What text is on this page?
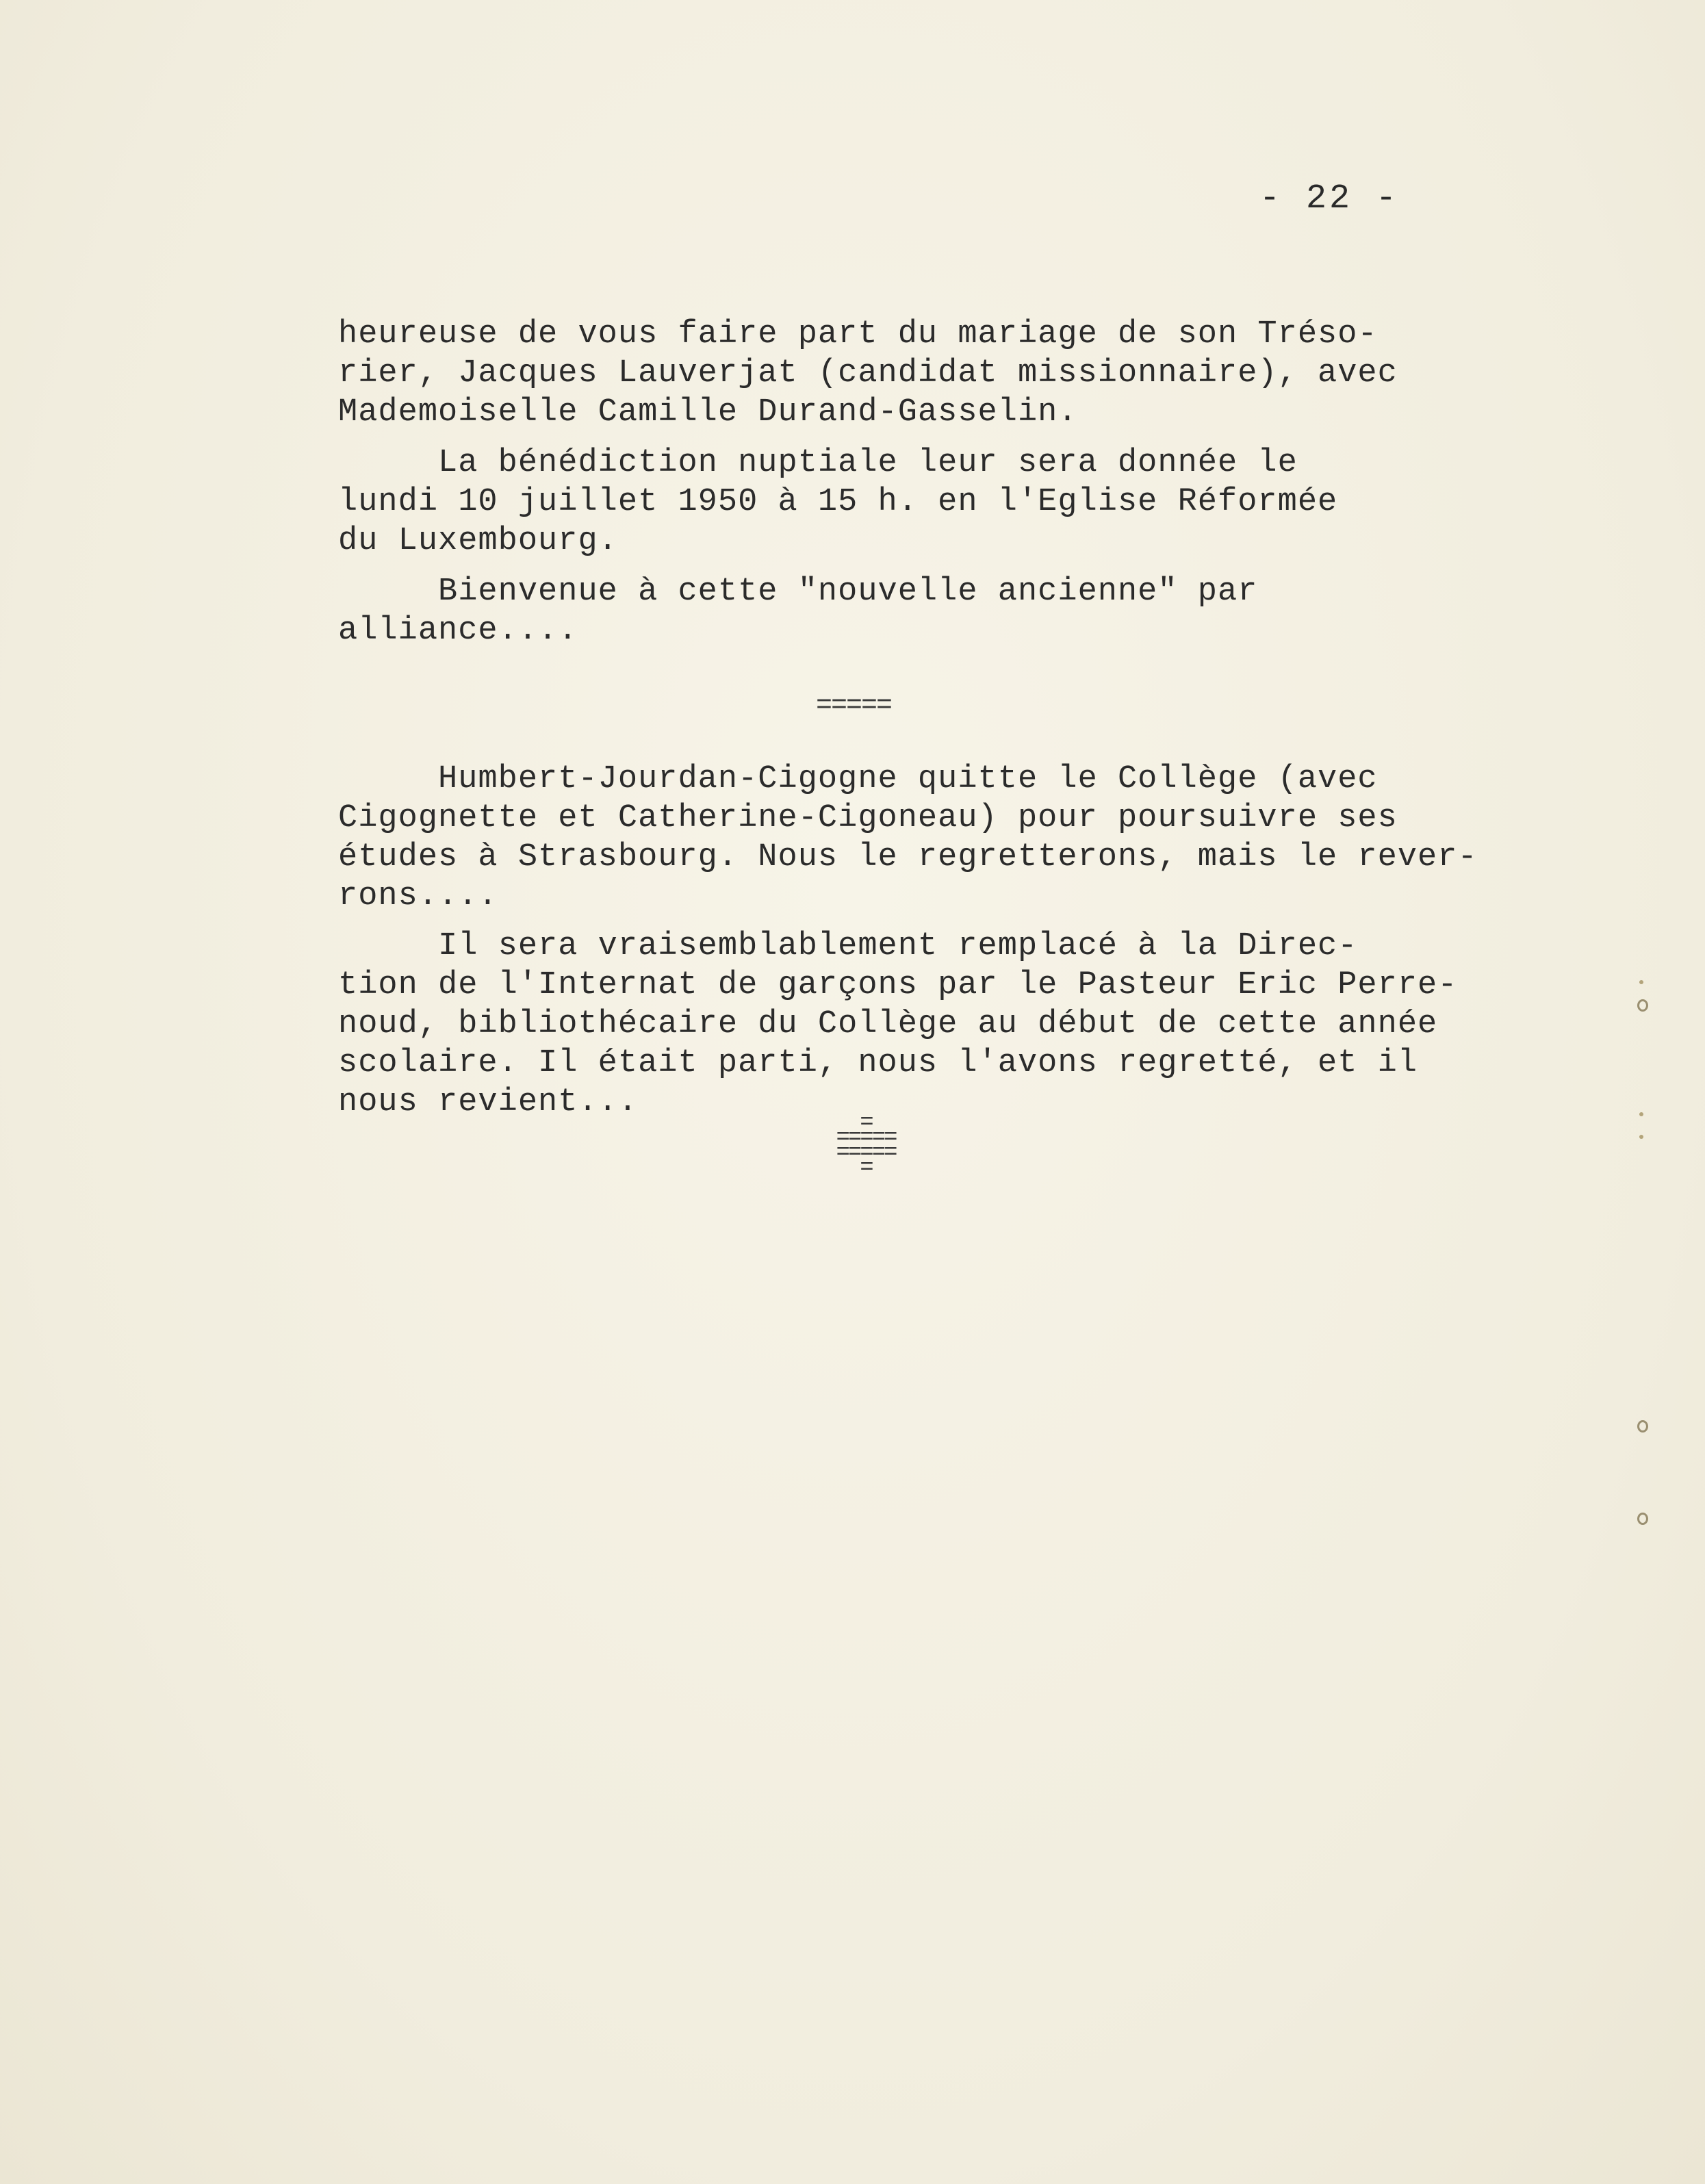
- 22 -
heureuse de vous faire part du mariage de son Tréso-
rier, Jacques Lauverjat (candidat missionnaire), avec
Mademoiselle Camille Durand-Gasselin.
La bénédiction nuptiale leur sera donnée le
lundi 10 juillet 1950 à 15 h. en l'Eglise Réformée
du Luxembourg.
Bienvenue à cette "nouvelle ancienne" par
alliance....
=====
Humbert-Jourdan-Cigogne quitte le Collège (avec
Cigognette et Catherine-Cigoneau) pour poursuivre ses
études à Strasbourg. Nous le regretterons, mais le rever-
rons....
Il sera vraisemblablement remplacé à la Direc-
tion de l'Internat de garçons par le Pasteur Eric Perre-
noud, bibliothécaire du Collège au début de cette année
scolaire. Il était parti, nous l'avons regretté, et il
nous revient...
=
=====
=====
=
